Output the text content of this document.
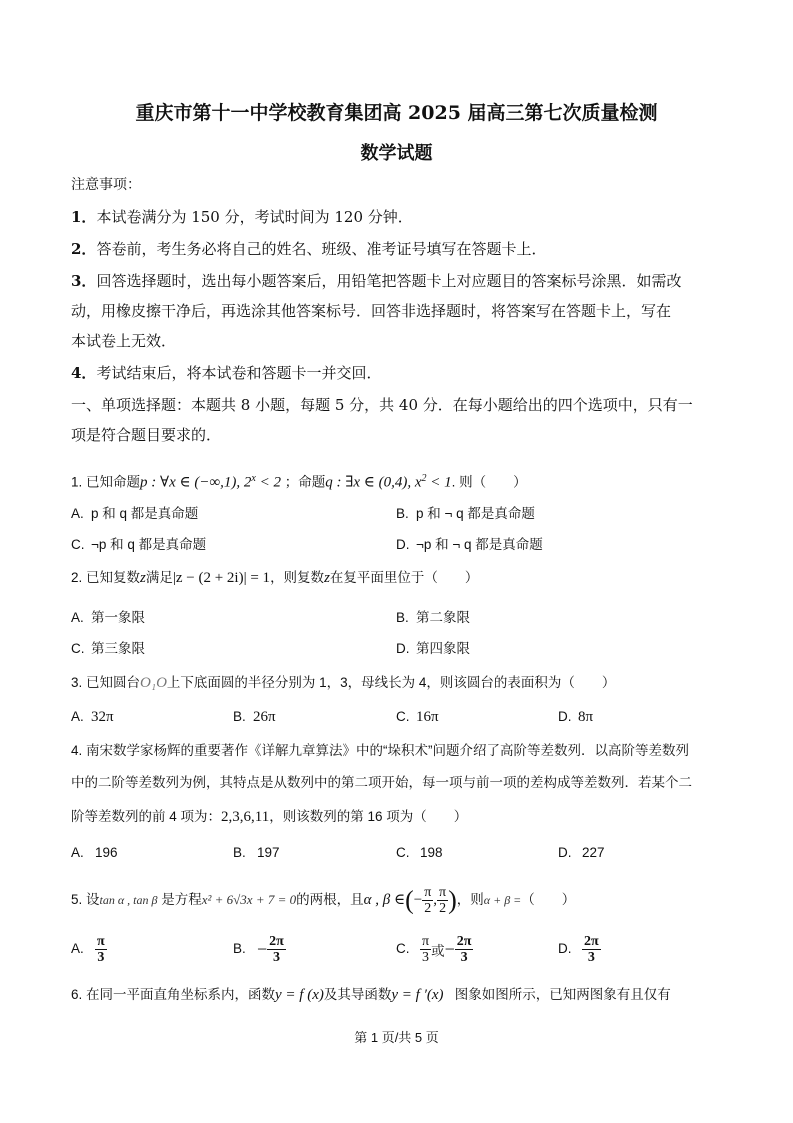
重庆市第十一中学校教育集团高 2025 届高三第七次质量检测
数学试题
注意事项：
1．本试卷满分为 150 分，考试时间为 120 分钟．
2．答卷前，考生务必将自己的姓名、班级、准考证号填写在答题卡上．
3．回答选择题时，选出每小题答案后，用铅笔把答题卡上对应题目的答案标号涂黑．如需改
动，用橡皮擦干净后，再选涂其他答案标号．回答非选择题时，将答案写在答题卡上，写在
本试卷上无效．
4．考试结束后，将本试卷和答题卡一并交回．
一、单项选择题：本题共 8 小题，每题 5 分，共 40 分．在每小题给出的四个选项中，只有一
项是符合题目要求的．
1. 已知命题p : ∀x ∈ (−∞,1), $2^x < 2$ ；命题q : ∃x ∈ (0,4), $x^2 < 1$. 则（　　）
A. p 和 q 都是真命题	B. p 和 ¬ q 都是真命题
C. ¬p 和 q 都是真命题	D. ¬p 和 ¬ q 都是真命题
2. 已知复数z满足|z − (2 + 2i)| = 1，则复数z在复平面里位于（　　）
A. 第一象限	B. 第二象限
C. 第三象限	D. 第四象限
3. 已知圆台O₁O上下底面圆的半径分别为 1，3，母线长为 4，则该圆台的表面积为（　　）
A. 32π	B. 26π	C. 16π	D. 8π
4. 南宋数学家杨辉的重要著作《详解九章算法》中的“垛积术”问题介绍了高阶等差数列．以高阶等差数列
中的二阶等差数列为例，其特点是从数列中的第二项开始，每一项与前一项的差构成等差数列．若某个二
阶等差数列的前 4 项为：2,3,6,11，则该数列的第 16 项为（　　）
A. 196	B. 197	C. 198	D. 227
5. 设tan α , tan β 是方程x² + 6√3x + 7 = 0的两根，且α , β ∈(− $\frac{\pi}{2}$ , $\frac{\pi}{2}$ )，则α + β =（　　）
A. $\frac{\pi}{3}$	B. − $\frac{2\pi}{3}$	C. $\frac{\pi}{3}$ 或− $\frac{2\pi}{3}$	D. $\frac{2\pi}{3}$
6. 在同一平面直角坐标系内，函数y = f (x)及其导函数y = f ′(x) 图象如图所示，已知两图象有且仅有
第 1 页/共 5 页
